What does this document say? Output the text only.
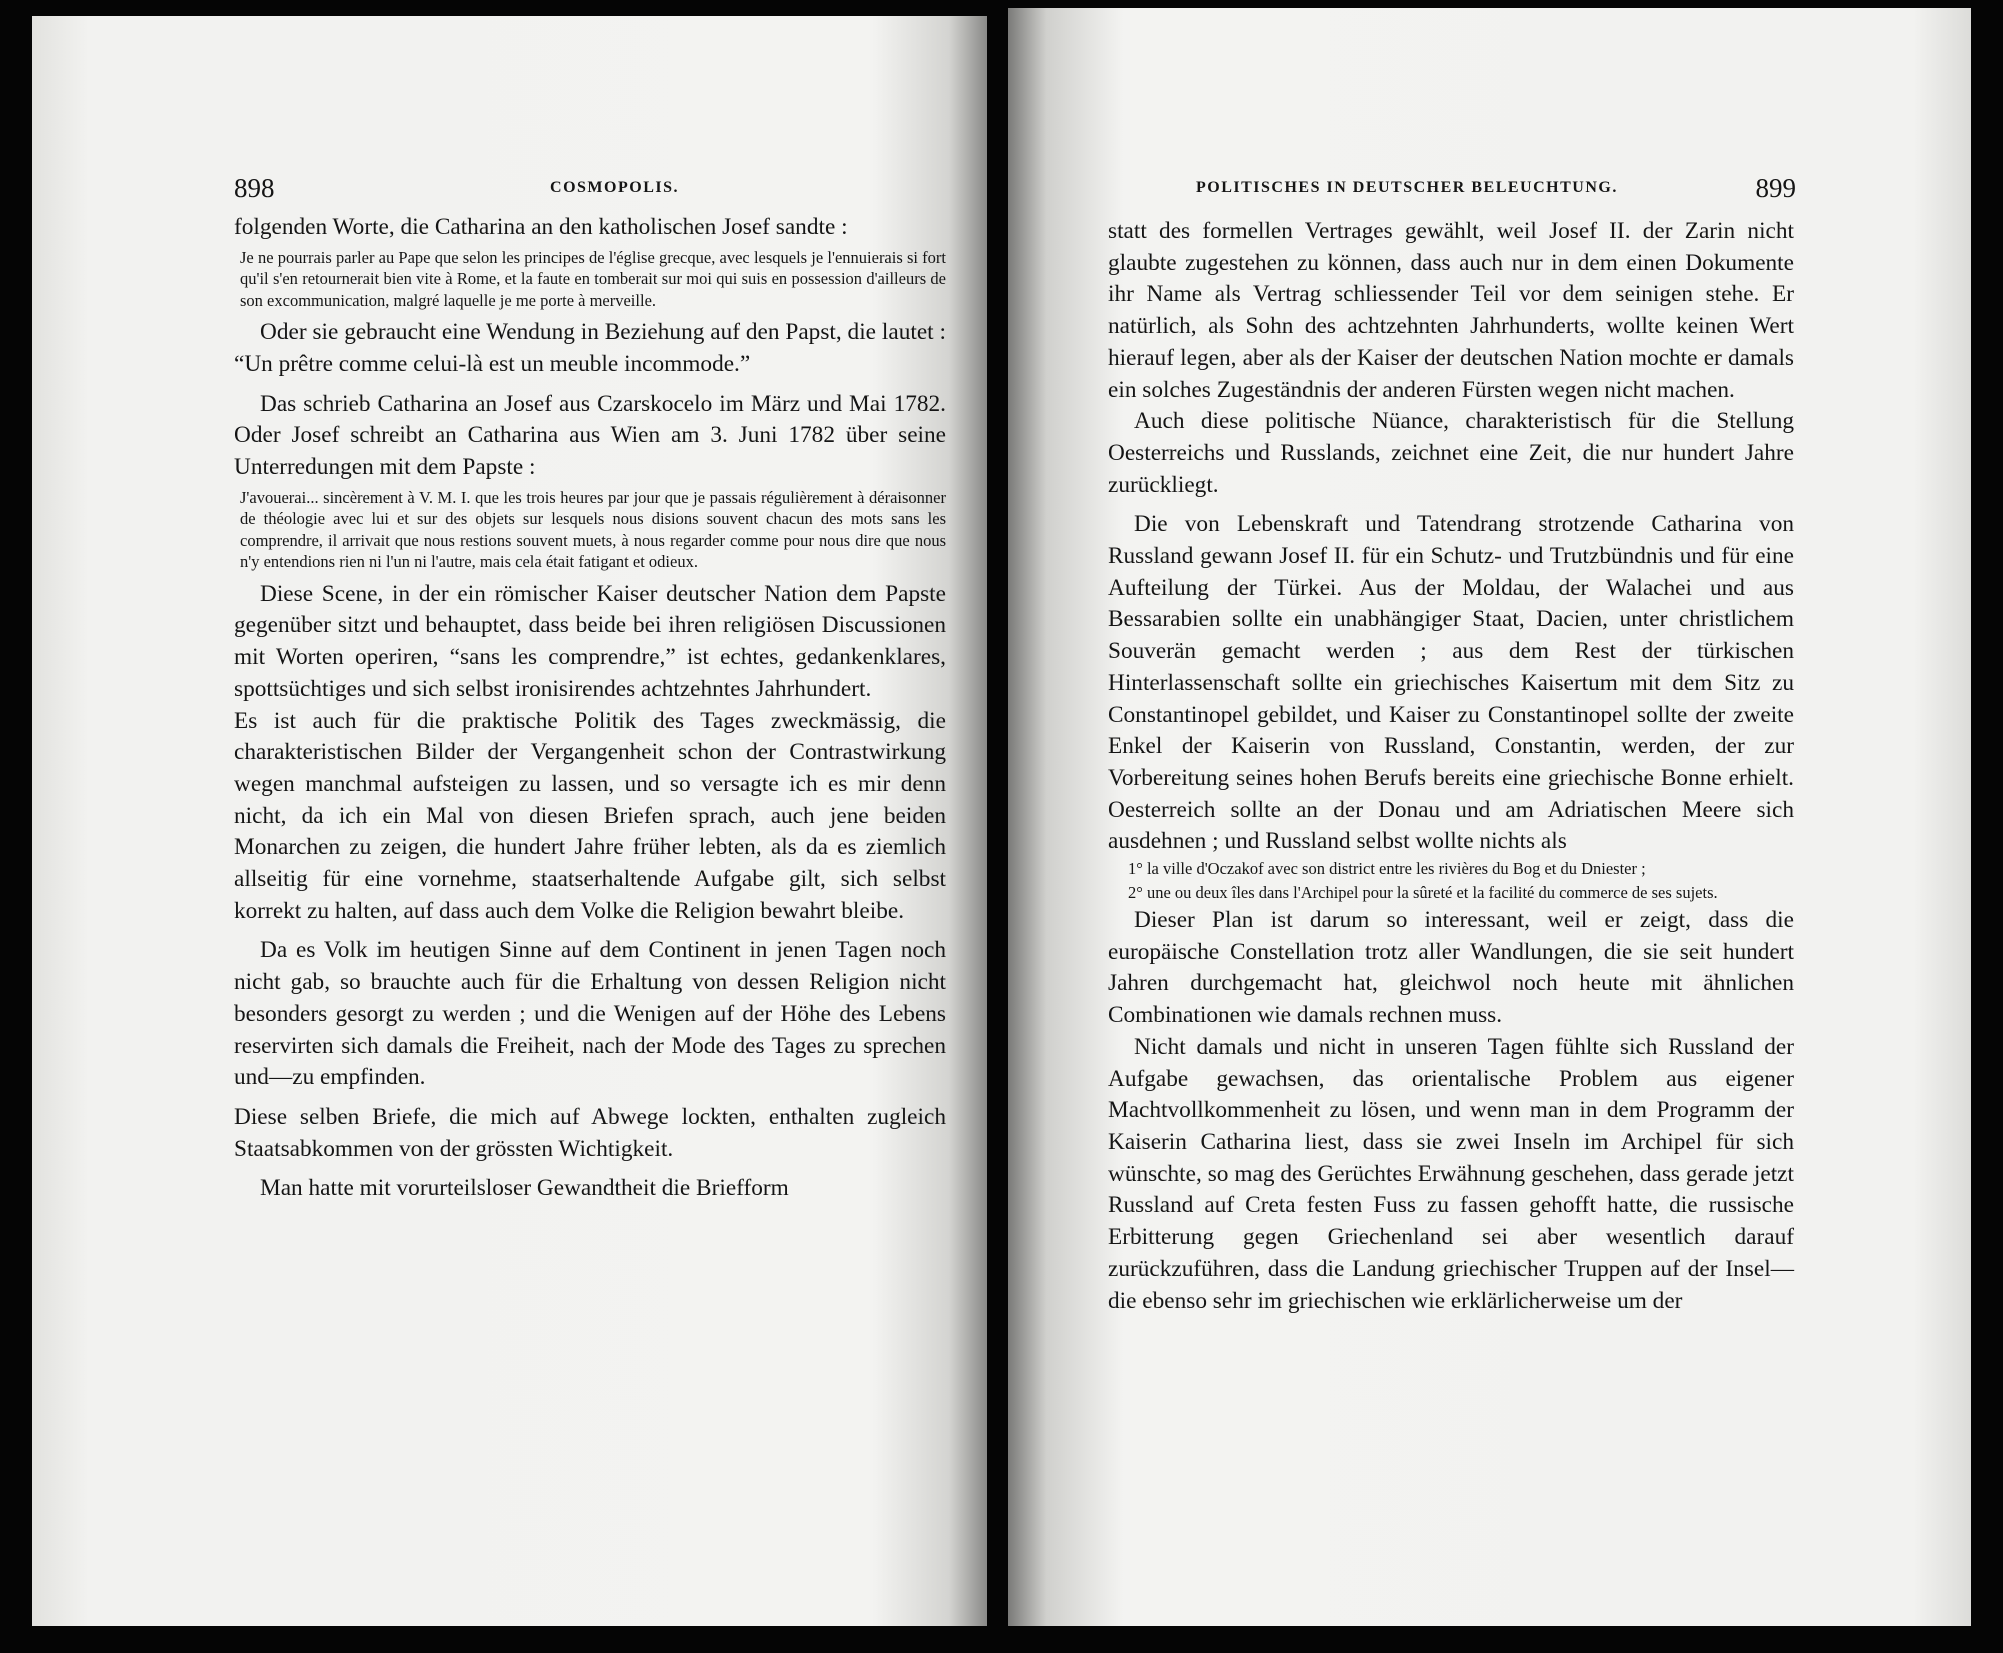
898	COSMOPOLIS.

folgenden Worte, die Catharina an den katholischen Josef sandte :

Je ne pourrais parler au Pape que selon les principes de l'église grecque, avec lesquels je l'ennuierais si fort qu'il s'en retournerait bien vite à Rome, et la faute en tomberait sur moi qui suis en possession d'ailleurs de son excommunication, malgré laquelle je me porte à merveille.

Oder sie gebraucht eine Wendung in Beziehung auf den Papst, die lautet : “Un prêtre comme celui-là est un meuble incommode.”

Das schrieb Catharina an Josef aus Czarskocelo im März und Mai 1782. Oder Josef schreibt an Catharina aus Wien am 3. Juni 1782 über seine Unterredungen mit dem Papste :

J'avouerai... sincèrement à V. M. I. que les trois heures par jour que je passais régulièrement à déraisonner de théologie avec lui et sur des objets sur lesquels nous disions souvent chacun des mots sans les comprendre, il arrivait que nous restions souvent muets, à nous regarder comme pour nous dire que nous n'y entendions rien ni l'un ni l'autre, mais cela était fatigant et odieux.

Diese Scene, in der ein römischer Kaiser deutscher Nation dem Papste gegenüber sitzt und behauptet, dass beide bei ihren religiösen Discussionen mit Worten operiren, “sans les comprendre,” ist echtes, gedankenklares, spottsüchtiges und sich selbst ironisirendes achtzehntes Jahrhundert.

Es ist auch für die praktische Politik des Tages zweckmässig, die charakteristischen Bilder der Vergangenheit schon der Contrastwirkung wegen manchmal aufsteigen zu lassen, und so versagte ich es mir denn nicht, da ich ein Mal von diesen Briefen sprach, auch jene beiden Monarchen zu zeigen, die hundert Jahre früher lebten, als da es ziemlich allseitig für eine vornehme, staatserhaltende Aufgabe gilt, sich selbst korrekt zu halten, auf dass auch dem Volke die Religion bewahrt bleibe.

Da es Volk im heutigen Sinne auf dem Continent in jenen Tagen noch nicht gab, so brauchte auch für die Erhaltung von dessen Religion nicht besonders gesorgt zu werden ; und die Wenigen auf der Höhe des Lebens reservirten sich damals die Freiheit, nach der Mode des Tages zu sprechen und—zu empfinden.

Diese selben Briefe, die mich auf Abwege lockten, enthalten zugleich Staatsabkommen von der grössten Wichtigkeit.

Man hatte mit vorurteilsloser Gewandtheit die Briefform

POLITISCHES IN DEUTSCHER BELEUCHTUNG.	899

statt des formellen Vertrages gewählt, weil Josef II. der Zarin nicht glaubte zugestehen zu können, dass auch nur in dem einen Dokumente ihr Name als Vertrag schliessender Teil vor dem seinigen stehe. Er natürlich, als Sohn des achtzehnten Jahrhunderts, wollte keinen Wert hierauf legen, aber als der Kaiser der deutschen Nation mochte er damals ein solches Zugeständnis der anderen Fürsten wegen nicht machen.

Auch diese politische Nüance, charakteristisch für die Stellung Oesterreichs und Russlands, zeichnet eine Zeit, die nur hundert Jahre zurückliegt.

Die von Lebenskraft und Tatendrang strotzende Catharina von Russland gewann Josef II. für ein Schutz- und Trutzbündnis und für eine Aufteilung der Türkei. Aus der Moldau, der Walachei und aus Bessarabien sollte ein unabhängiger Staat, Dacien, unter christlichem Souverän gemacht werden ; aus dem Rest der türkischen Hinterlassenschaft sollte ein griechisches Kaisertum mit dem Sitz zu Constantinopel gebildet, und Kaiser zu Constantinopel sollte der zweite Enkel der Kaiserin von Russland, Constantin, werden, der zur Vorbereitung seines hohen Berufs bereits eine griechische Bonne erhielt. Oesterreich sollte an der Donau und am Adriatischen Meere sich ausdehnen ; und Russland selbst wollte nichts als

1° la ville d'Oczakof avec son district entre les rivières du Bog et du Dniester ;
2° une ou deux îles dans l'Archipel pour la sûreté et la facilité du commerce de ses sujets.

Dieser Plan ist darum so interessant, weil er zeigt, dass die europäische Constellation trotz aller Wandlungen, die sie seit hundert Jahren durchgemacht hat, gleichwol noch heute mit ähnlichen Combinationen wie damals rechnen muss.

Nicht damals und nicht in unseren Tagen fühlte sich Russland der Aufgabe gewachsen, das orientalische Problem aus eigener Machtvollkommenheit zu lösen, und wenn man in dem Programm der Kaiserin Catharina liest, dass sie zwei Inseln im Archipel für sich wünschte, so mag des Gerüchtes Erwähnung geschehen, dass gerade jetzt Russland auf Creta festen Fuss zu fassen gehofft hatte, die russische Erbitterung gegen Griechenland sei aber wesentlich darauf zurückzuführen, dass die Landung griechischer Truppen auf der Insel—die ebenso sehr im griechischen wie erklärlicherweise um der
